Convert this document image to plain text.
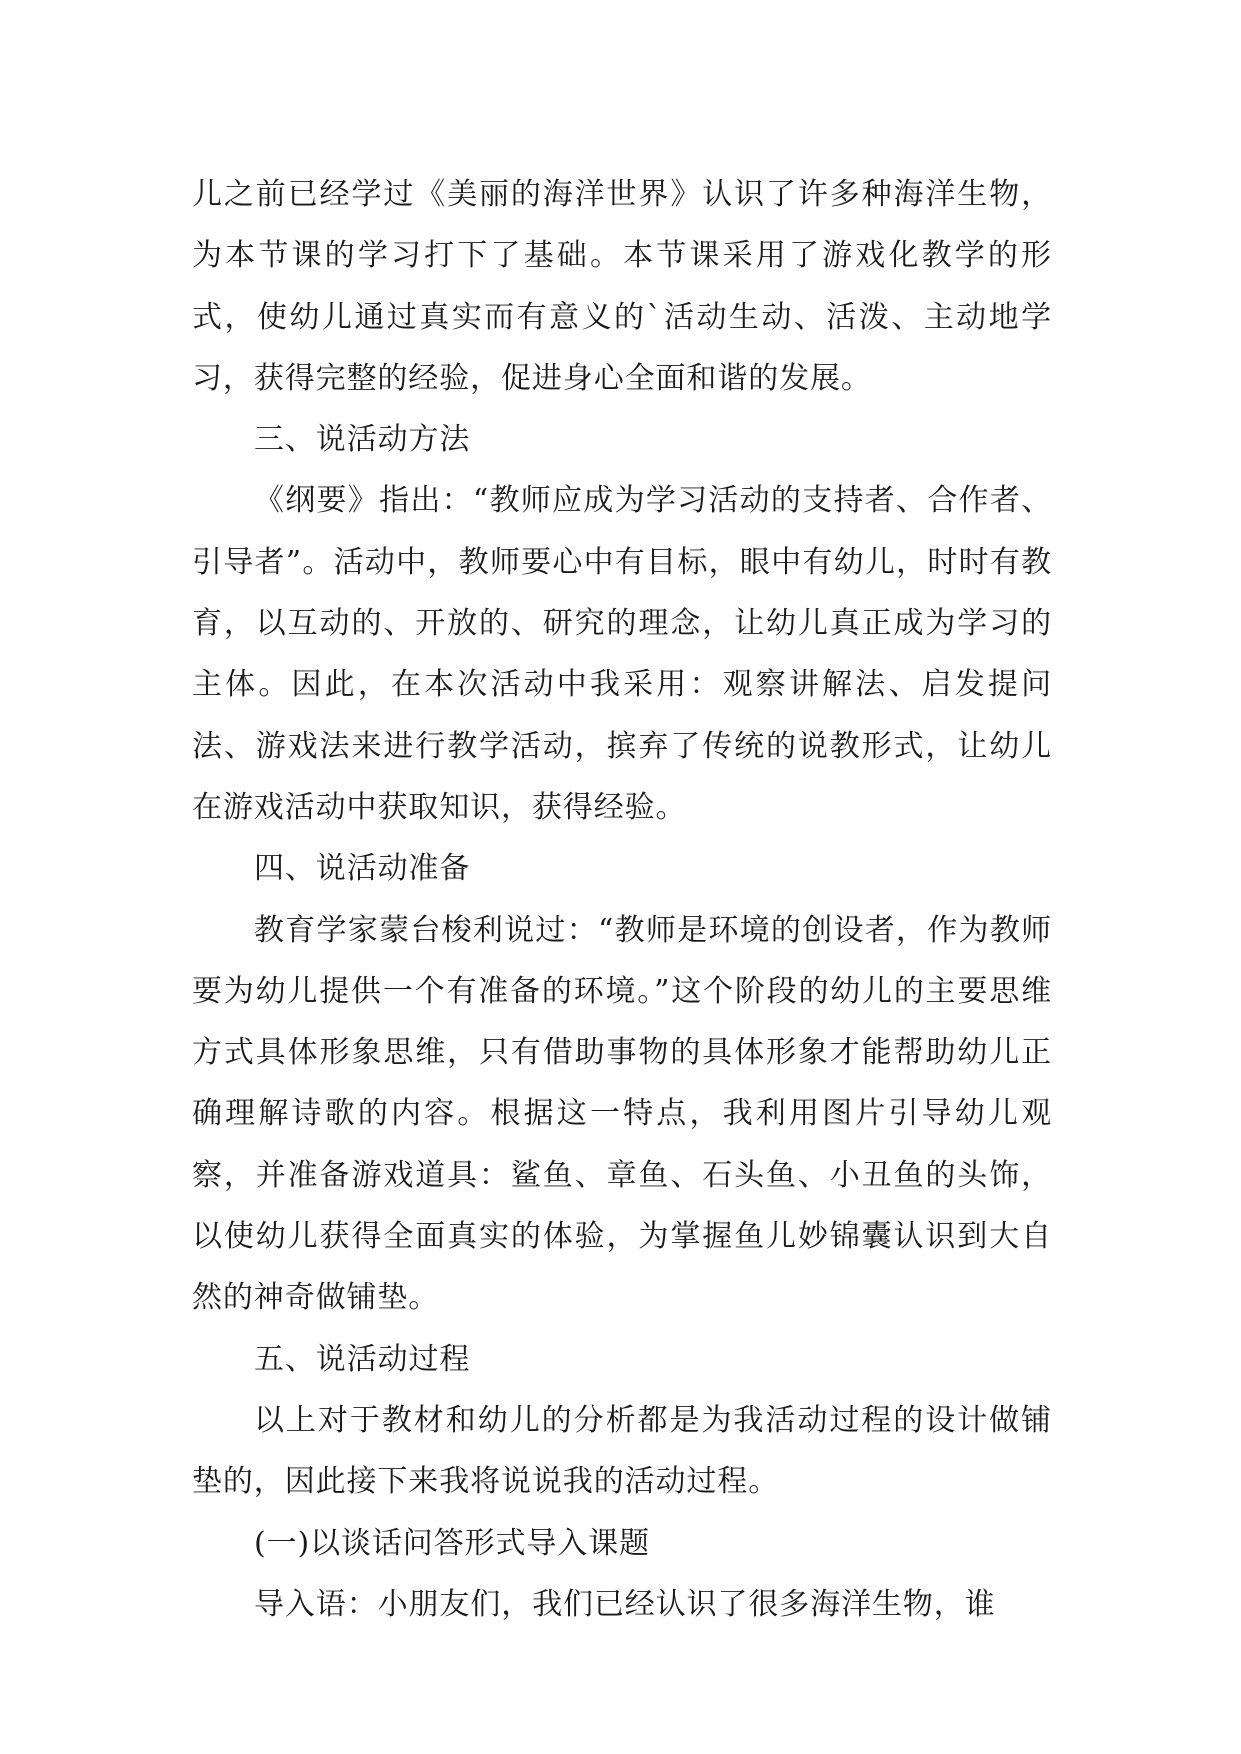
儿之前已经学过《美丽的海洋世界》认识了许多种海洋生物，为本节课的学习打下了基础。本节课采用了游戏化教学的形式，使幼儿通过真实而有意义的`活动生动、活泼、主动地学习，获得完整的经验，促进身心全面和谐的发展。

三、说活动方法

《纲要》指出：“教师应成为学习活动的支持者、合作者、引导者”。活动中，教师要心中有目标，眼中有幼儿，时时有教育，以互动的、开放的、研究的理念，让幼儿真正成为学习的主体。因此，在本次活动中我采用：观察讲解法、启发提问法、游戏法来进行教学活动，摈弃了传统的说教形式，让幼儿在游戏活动中获取知识，获得经验。

四、说活动准备

教育学家蒙台梭利说过：“教师是环境的创设者，作为教师要为幼儿提供一个有准备的环境。”这个阶段的幼儿的主要思维方式具体形象思维，只有借助事物的具体形象才能帮助幼儿正确理解诗歌的内容。根据这一特点，我利用图片引导幼儿观察，并准备游戏道具：鲨鱼、章鱼、石头鱼、小丑鱼的头饰，以使幼儿获得全面真实的体验，为掌握鱼儿妙锦囊认识到大自然的神奇做铺垫。

五、说活动过程

以上对于教材和幼儿的分析都是为我活动过程的设计做铺垫的，因此接下来我将说说我的活动过程。

(一)以谈话问答形式导入课题

导入语：小朋友们，我们已经认识了很多海洋生物，谁
